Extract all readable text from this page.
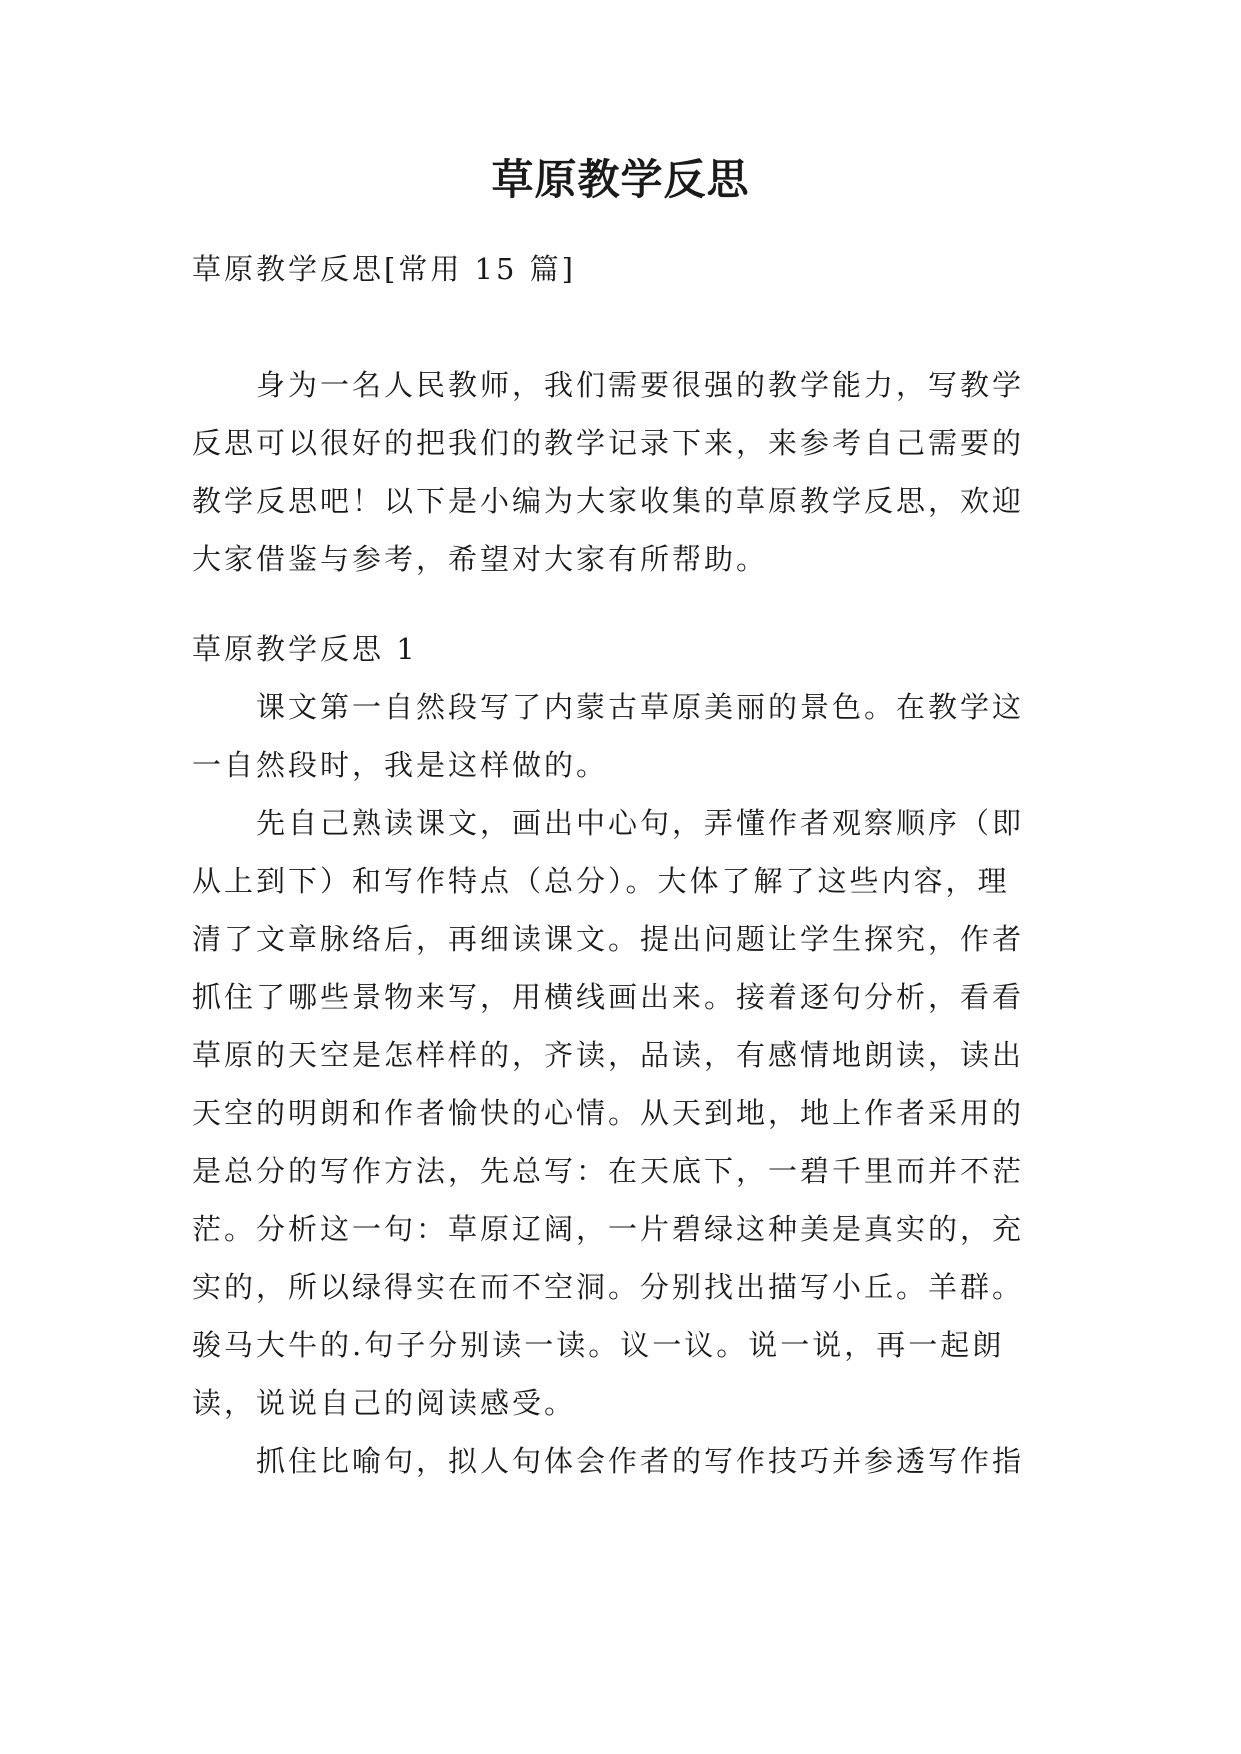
草原教学反思

草原教学反思[常用 15 篇]

身为一名人民教师，我们需要很强的教学能力，写教学
反思可以很好的把我们的教学记录下来，来参考自己需要的
教学反思吧！以下是小编为大家收集的草原教学反思，欢迎
大家借鉴与参考，希望对大家有所帮助。

草原教学反思 1

课文第一自然段写了内蒙古草原美丽的景色。在教学这
一自然段时，我是这样做的。

先自己熟读课文，画出中心句，弄懂作者观察顺序（即
从上到下）和写作特点（总分）。大体了解了这些内容，理
清了文章脉络后，再细读课文。提出问题让学生探究，作者
抓住了哪些景物来写，用横线画出来。接着逐句分析，看看
草原的天空是怎样样的，齐读，品读，有感情地朗读，读出
天空的明朗和作者愉快的心情。从天到地，地上作者采用的
是总分的写作方法，先总写：在天底下，一碧千里而并不茫
茫。分析这一句：草原辽阔，一片碧绿这种美是真实的，充
实的，所以绿得实在而不空洞。分别找出描写小丘。羊群。
骏马大牛的.句子分别读一读。议一议。说一说，再一起朗
读，说说自己的阅读感受。

抓住比喻句，拟人句体会作者的写作技巧并参透写作指
